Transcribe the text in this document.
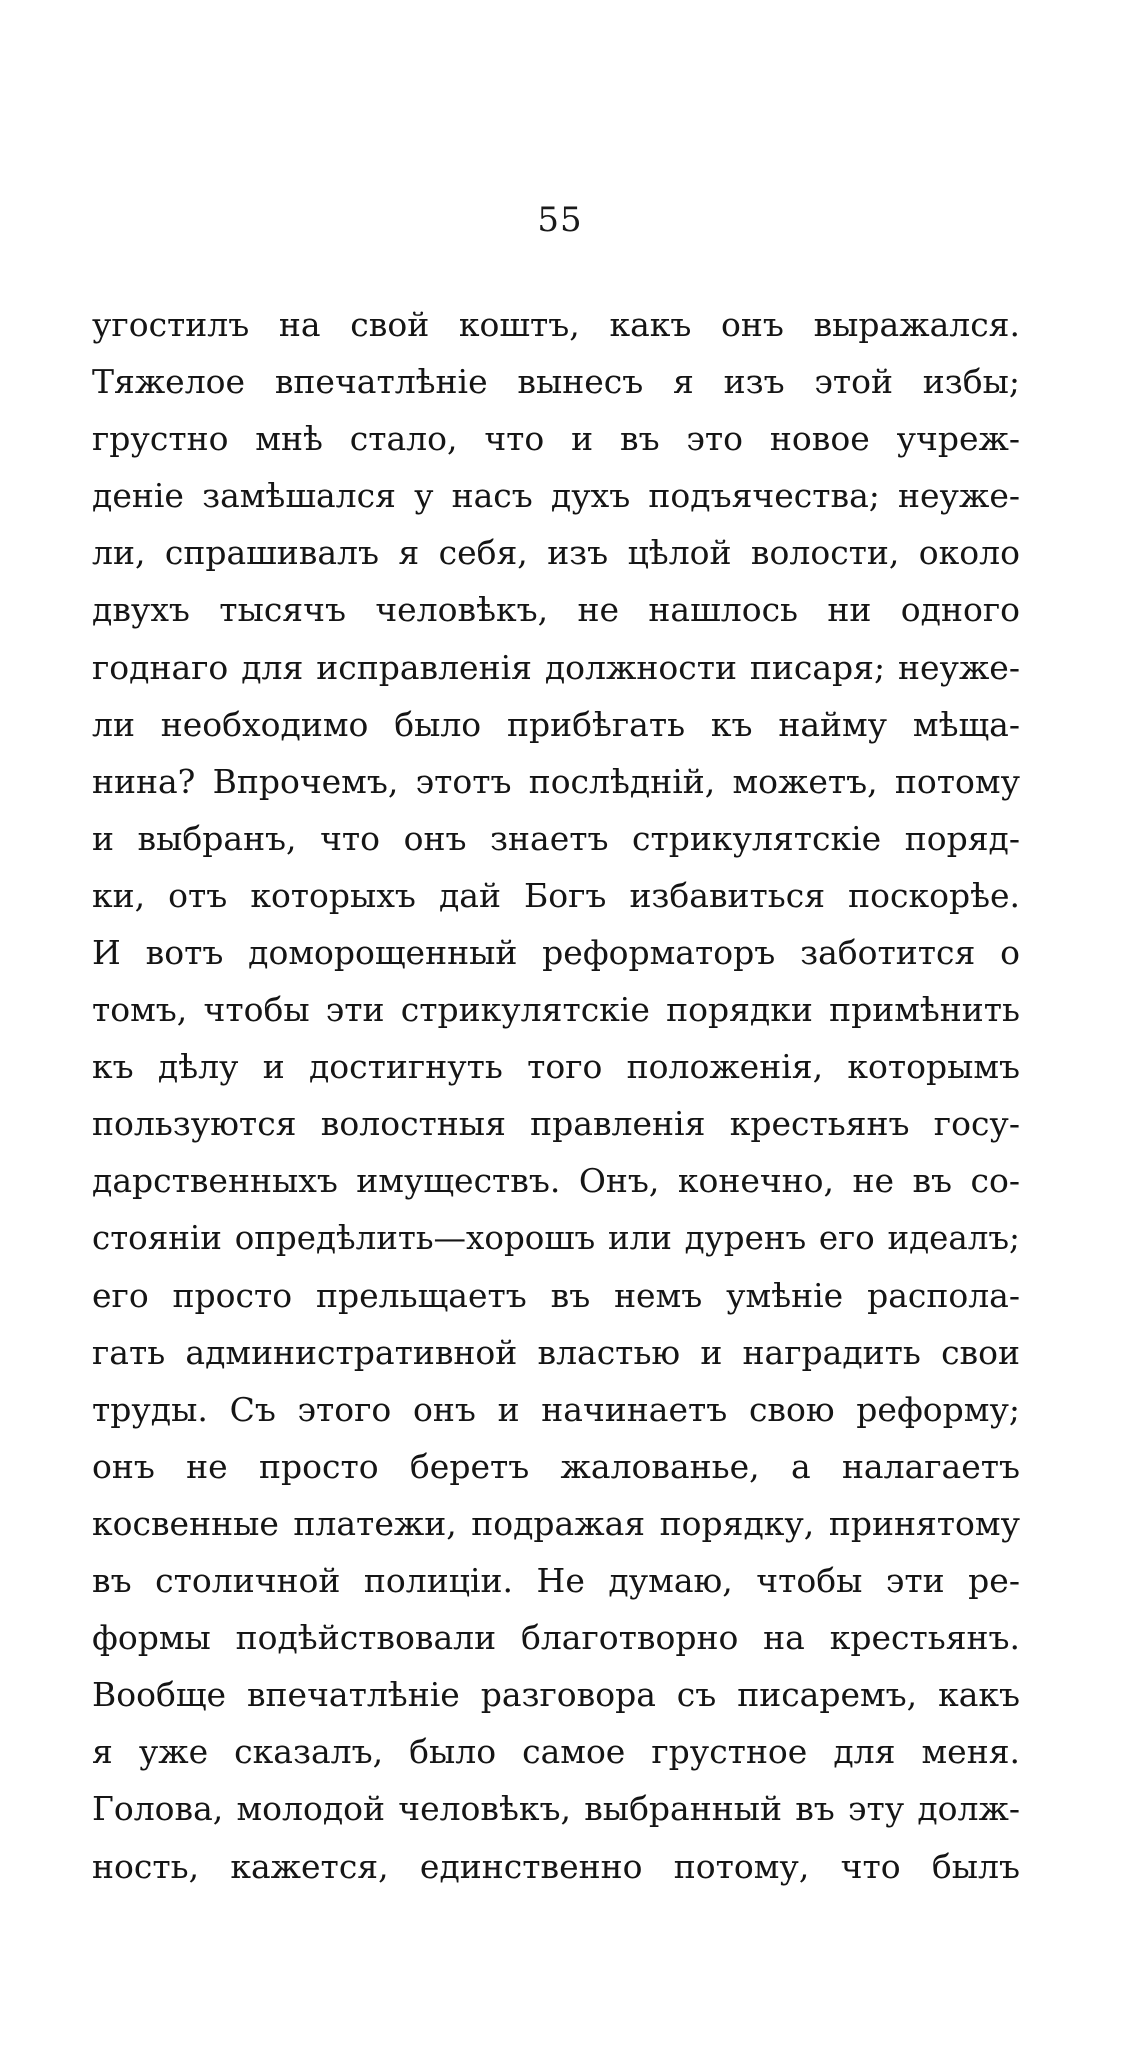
55
угостилъ на свой коштъ, какъ онъ выражался.
Тяжелое впечатлѣніе вынесъ я изъ этой избы;
грустно мнѣ стало, что и въ это новое учреж-
деніе замѣшался у насъ духъ подъячества; неужe-
ли, спрашивалъ я себя, изъ цѣлой волости, около
двухъ тысячъ человѣкъ, не нашлось ни одного
годнаго для исправленія должности писаря; неуже-
ли необходимо было прибѣгать къ найму мѣща-
нина? Впрочемъ, этотъ послѣдній, можетъ, потому
и выбранъ, что онъ знаетъ стрикулятскіе поряд-
ки, отъ которыхъ дай Богъ избавиться поскорѣе.
И вотъ доморощенный реформаторъ заботится о
томъ, чтобы эти стрикулятскіе порядки примѣнить
къ дѣлу и достигнуть того положенія, которымъ
пользуются волостныя правленія крестьянъ госу-
дарственныхъ имуществъ. Онъ, конечно, не въ со-
стояніи опредѣлить—хорошъ или дуренъ его идеалъ;
его просто прельщаетъ въ немъ умѣніе распола-
гать административной властью и наградить свои
труды. Съ этого онъ и начинаетъ свою реформу;
онъ не просто беретъ жалованье, а налагаетъ
косвенные платежи, подражая порядку, принятому
въ столичной полиціи. Не думаю, чтобы эти ре-
формы подѣйствовали благотворно на крестьянъ.
Вообще впечатлѣніе разговора съ писаремъ, какъ
я уже сказалъ, было самое грустное для меня.
Голова, молодой человѣкъ, выбранный въ эту долж-
ность, кажется, единственно потому, что былъ
